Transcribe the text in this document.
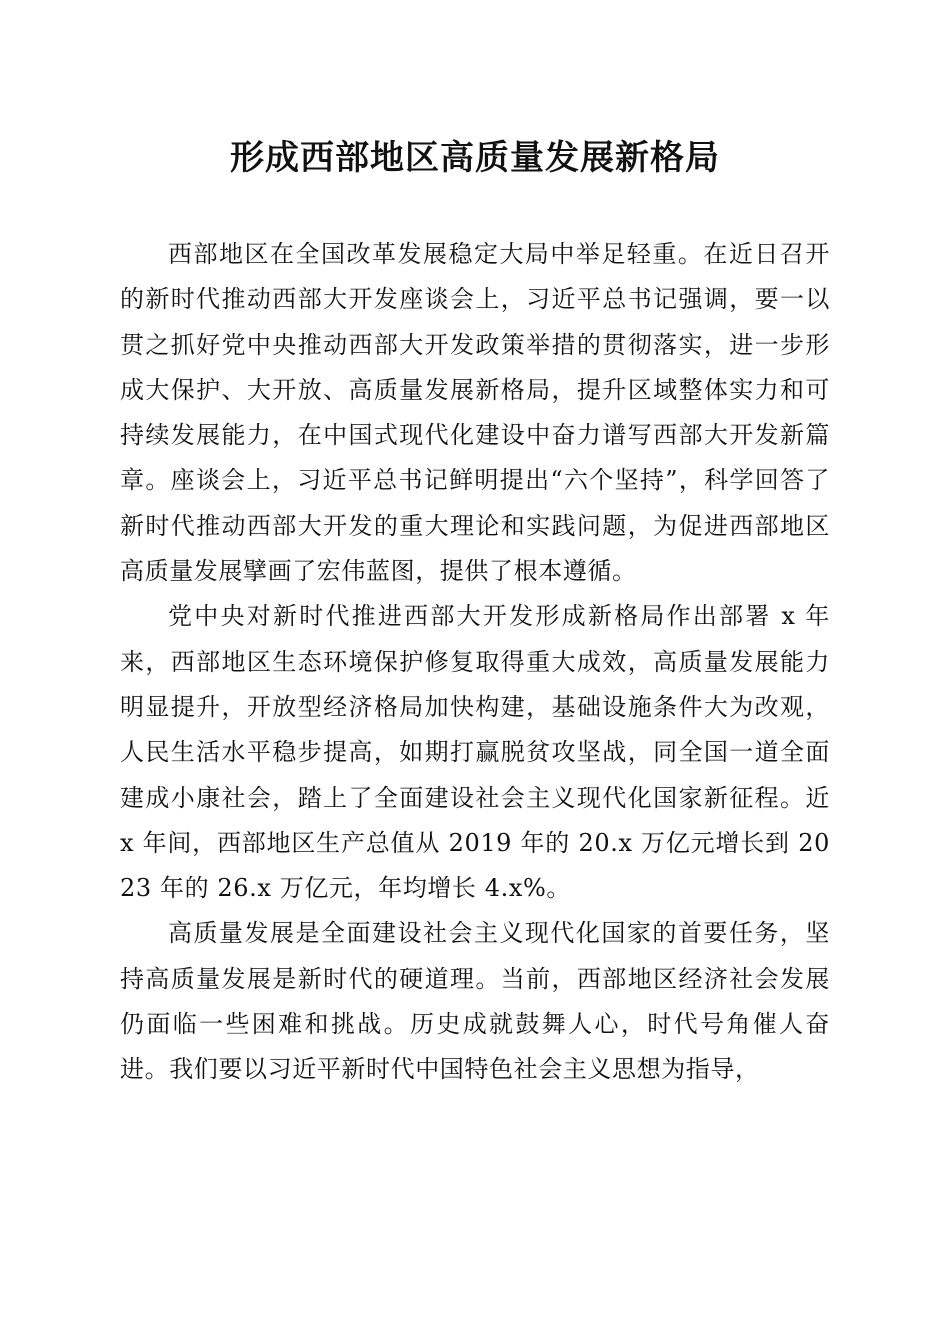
形成西部地区高质量发展新格局

西部地区在全国改革发展稳定大局中举足轻重。在近日召开的新时代推动西部大开发座谈会上，习近平总书记强调，要一以贯之抓好党中央推动西部大开发政策举措的贯彻落实，进一步形成大保护、大开放、高质量发展新格局，提升区域整体实力和可持续发展能力，在中国式现代化建设中奋力谱写西部大开发新篇章。座谈会上，习近平总书记鲜明提出“六个坚持”，科学回答了新时代推动西部大开发的重大理论和实践问题，为促进西部地区高质量发展擘画了宏伟蓝图，提供了根本遵循。

党中央对新时代推进西部大开发形成新格局作出部署 x 年来，西部地区生态环境保护修复取得重大成效，高质量发展能力明显提升，开放型经济格局加快构建，基础设施条件大为改观，人民生活水平稳步提高，如期打赢脱贫攻坚战，同全国一道全面建成小康社会，踏上了全面建设社会主义现代化国家新征程。近 x 年间，西部地区生产总值从 2019 年的 20.x 万亿元增长到 2023 年的 26.x 万亿元，年均增长 4.x%。

高质量发展是全面建设社会主义现代化国家的首要任务，坚持高质量发展是新时代的硬道理。当前，西部地区经济社会发展仍面临一些困难和挑战。历史成就鼓舞人心，时代号角催人奋进。我们要以习近平新时代中国特色社会主义思想为指导，
